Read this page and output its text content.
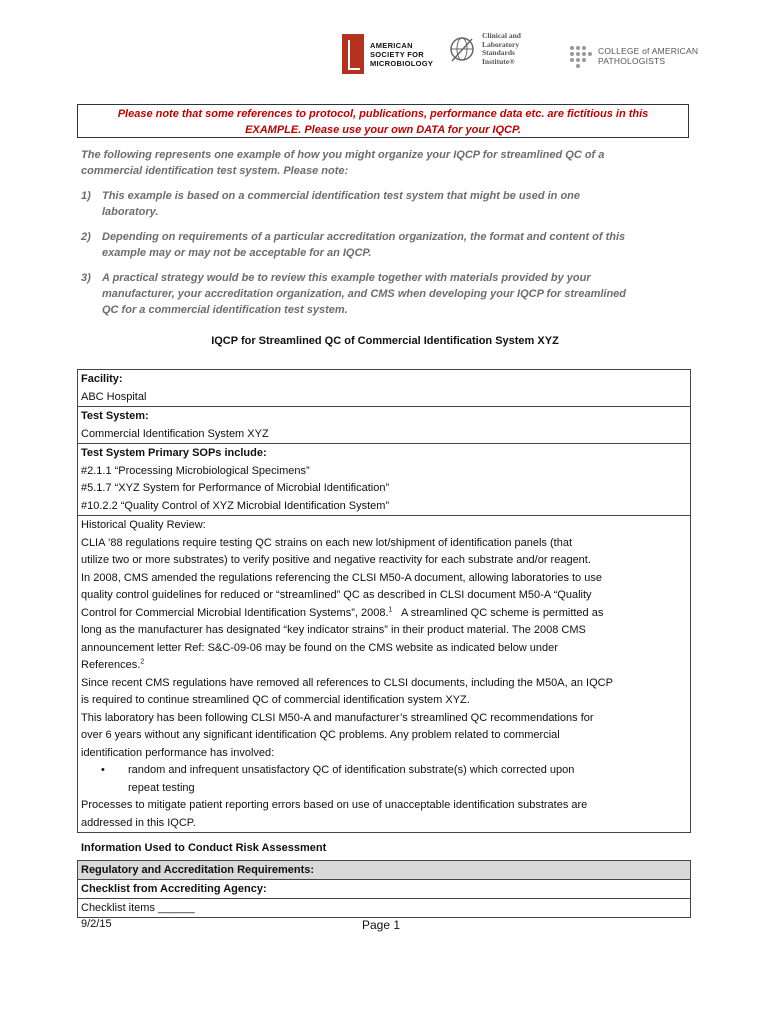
AMERICAN
SOCIETY FOR
MICROBIOLOGY
Clinical and
Laboratory
Standards
Institute®
COLLEGE of AMERICAN
PATHOLOGISTS
Please note that some references to protocol, publications, performance data etc. are fictitious in this
EXAMPLE. Please use your own DATA for your IQCP.
The following represents one example of how you might organize your IQCP for streamlined QC of a
commercial identification test system. Please note:
1)	This example is based on a commercial identification test system that might be used in one
laboratory.
2)	Depending on requirements of a particular accreditation organization, the format and content of this
example may or may not be acceptable for an IQCP.
3)	A practical strategy would be to review this example together with materials provided by your
manufacturer, your accreditation organization, and CMS when developing your IQCP for streamlined
QC for a commercial identification test system.
IQCP for Streamlined QC of Commercial Identification System XYZ
Facility:
ABC Hospital
Test System:
Commercial Identification System XYZ
Test System Primary SOPs include:
#2.1.1 “Processing Microbiological Specimens”
#5.1.7 “XYZ System for Performance of Microbial Identification”
#10.2.2 “Quality Control of XYZ Microbial Identification System”
Historical Quality Review:
CLIA ’88 regulations require testing QC strains on each new lot/shipment of identification panels (that
utilize two or more substrates) to verify positive and negative reactivity for each substrate and/or reagent.
In 2008, CMS amended the regulations referencing the CLSI M50-A document, allowing laboratories to use
quality control guidelines for reduced or “streamlined” QC as described in CLSI document M50-A “Quality
Control for Commercial Microbial Identification Systems”, 2008.$^1$   A streamlined QC scheme is permitted as
long as the manufacturer has designated “key indicator strains” in their product material. The 2008 CMS
announcement letter Ref: S&C-09-06 may be found on the CMS website as indicated below under
References.$^2$
Since recent CMS regulations have removed all references to CLSI documents, including the M50A, an IQCP
is required to continue streamlined QC of commercial identification system XYZ.
This laboratory has been following CLSI M50-A and manufacturer’s streamlined QC recommendations for
over 6 years without any significant identification QC problems. Any problem related to commercial
identification performance has involved:
•	random and infrequent unsatisfactory QC of identification substrate(s) which corrected upon
repeat testing
Processes to mitigate patient reporting errors based on use of unacceptable identification substrates are
addressed in this IQCP.
Information Used to Conduct Risk Assessment
Regulatory and Accreditation Requirements:
Checklist from Accrediting Agency:
Checklist items ______
9/2/15	Page 1
